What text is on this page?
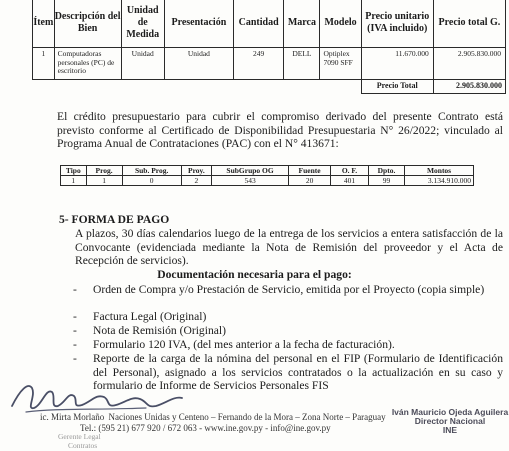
Ítem	Descripción del Bien	Unidad de Medida	Presentación	Cantidad	Marca	Modelo	Precio unitario (IVA incluido)	Precio total G.
1	Computadoras personales (PC) de escritorio	Unidad	Unidad	249	DELL	Optiplex 7090 SFF	11.670.000	2.905.830.000
							Precio Total	2.905.830.000
El crédito presupuestario para cubrir el compromiso derivado del presente Contrato está previsto conforme al Certificado de Disponibilidad Presupuestaria N° 26/2022; vinculado al Programa Anual de Contrataciones (PAC) con el N° 413671:
Tipo	Prog.	Sub. Prog.	Proy.	SubGrupo OG	Fuente	O. F.	Dpto.	Montos
1	1	0	2	543	20	401	99	3.134.910.000
5- FORMA DE PAGO
A plazos, 30 días calendarios luego de la entrega de los servicios a entera satisfacción de la Convocante (evidenciada mediante la Nota de Remisión del proveedor y el Acta de Recepción de servicios).
Documentación necesaria para el pago:
- Orden de Compra y/o Prestación de Servicio, emitida por el Proyecto (copia simple)
- Factura Legal (Original)
- Nota de Remisión (Original)
- Formulario 120 IVA, (del mes anterior a la fecha de facturación).
- Reporte de la carga de la nómina del personal en el FIP (Formulario de Identificación del Personal), asignado a los servicios contratados o la actualización en su caso y formulario de Informe de Servicios Personales FIS
ic. Mirta Morlaño Naciones Unidas y Centeno – Fernando de la Mora – Zona Norte – Paraguay
Tel.: (595 21) 677 920 / 672 063 - www.ine.gov.py - info@ine.gov.py
Gerente Legal
Contratos
Iván Mauricio Ojeda Aguilera
Director Nacional
INE
